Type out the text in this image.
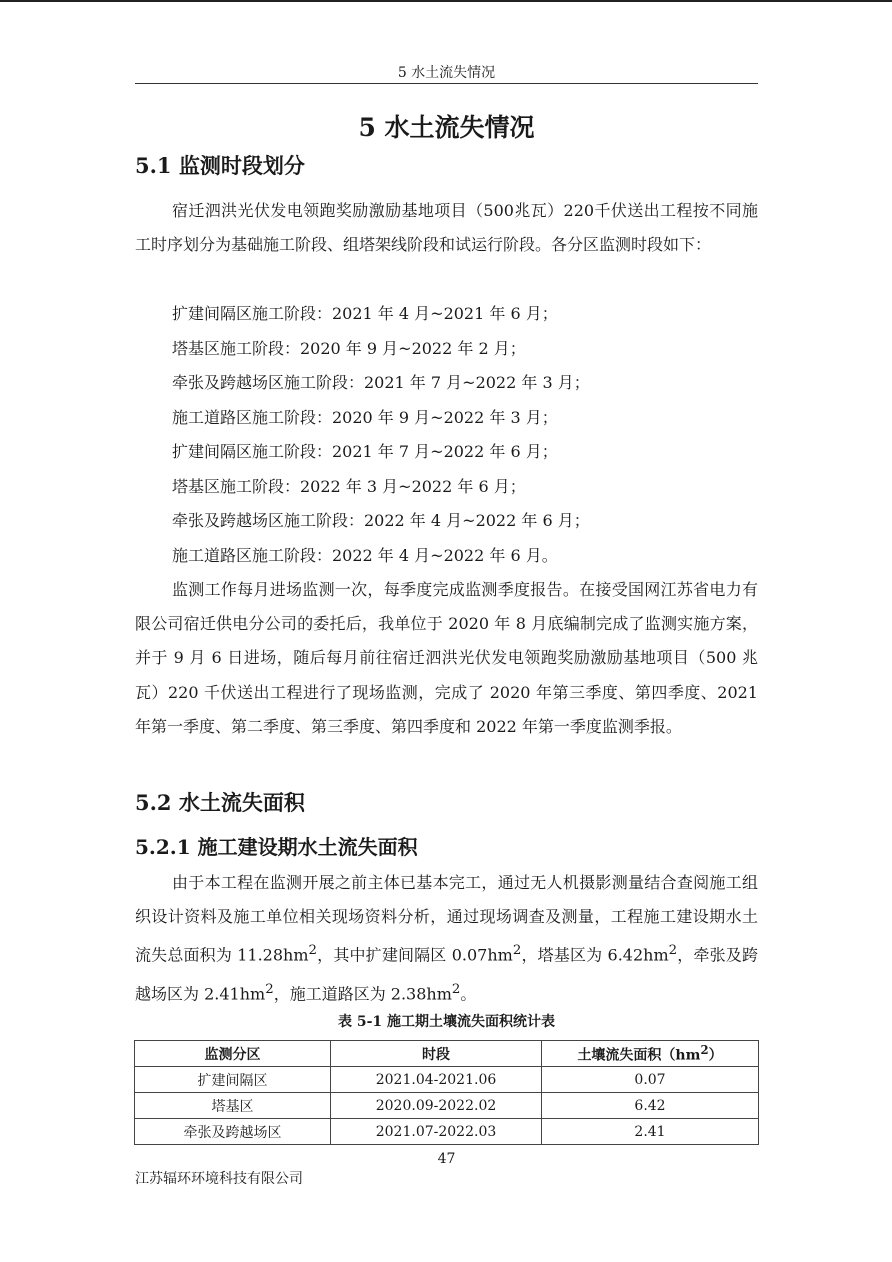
5 水土流失情况
5 水土流失情况
5.1 监测时段划分

宿迁泗洪光伏发电领跑奖励激励基地项目（500兆瓦）220千伏送出工程按不同施工时序划分为基础施工阶段、组塔架线阶段和试运行阶段。各分区监测时段如下：

扩建间隔区施工阶段：2021 年 4 月~2021 年 6 月；
塔基区施工阶段：2020 年 9 月~2022 年 2 月；
牵张及跨越场区施工阶段：2021 年 7 月~2022 年 3 月；
施工道路区施工阶段：2020 年 9 月~2022 年 3 月；
扩建间隔区施工阶段：2021 年 7 月~2022 年 6 月；
塔基区施工阶段：2022 年 3 月~2022 年 6 月；
牵张及跨越场区施工阶段：2022 年 4 月~2022 年 6 月；
施工道路区施工阶段：2022 年 4 月~2022 年 6 月。

监测工作每月进场监测一次，每季度完成监测季度报告。在接受国网江苏省电力有限公司宿迁供电分公司的委托后，我单位于 2020 年 8 月底编制完成了监测实施方案，并于 9 月 6 日进场，随后每月前往宿迁泗洪光伏发电领跑奖励激励基地项目（500 兆瓦）220 千伏送出工程进行了现场监测，完成了 2020 年第三季度、第四季度、2021 年第一季度、第二季度、第三季度、第四季度和 2022 年第一季度监测季报。

5.2 水土流失面积
5.2.1 施工建设期水土流失面积

由于本工程在监测开展之前主体已基本完工，通过无人机摄影测量结合查阅施工组织设计资料及施工单位相关现场资料分析，通过现场调查及测量，工程施工建设期水土流失总面积为 $11.28hm^2$，其中扩建间隔区 $0.07hm^2$，塔基区为 $6.42hm^2$，牵张及跨越场区为 $2.41hm^2$，施工道路区为 $2.38hm^2$。

表 5-1 施工期土壤流失面积统计表
监测分区	时段	土壤流失面积$(hm^2)$
扩建间隔区	2021.04-2021.06	0.07
塔基区	2020.09-2022.02	6.42
牵张及跨越场区	2021.07-2022.03	2.41
47
江苏辐环环境科技有限公司
